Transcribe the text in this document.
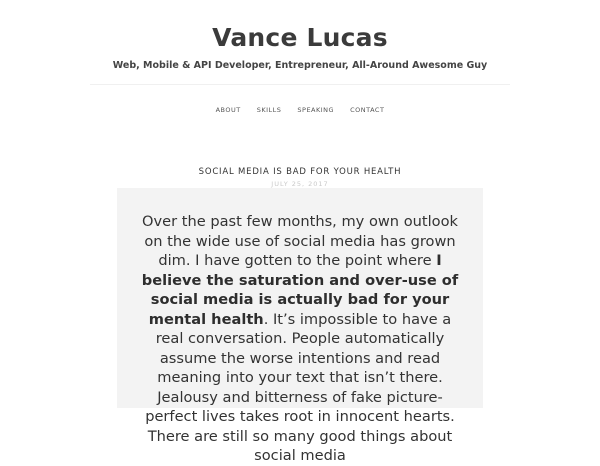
Vance Lucas
Web, Mobile & API Developer, Entrepreneur, All-Around Awesome Guy
ABOUT	SKILLS	SPEAKING	CONTACT
SOCIAL MEDIA IS BAD FOR YOUR HEALTH
JULY 25, 2017
Over the past few months, my own outlook on the wide use of social media has grown dim. I have gotten to the point where I believe the saturation and over-use of social media is actually bad for your mental health. It’s impossible to have a real conversation. People automatically assume the worse intentions and read meaning into your text that isn’t there. Jealousy and bitterness of fake picture-perfect lives takes root in innocent hearts. There are still so many good things about social media
